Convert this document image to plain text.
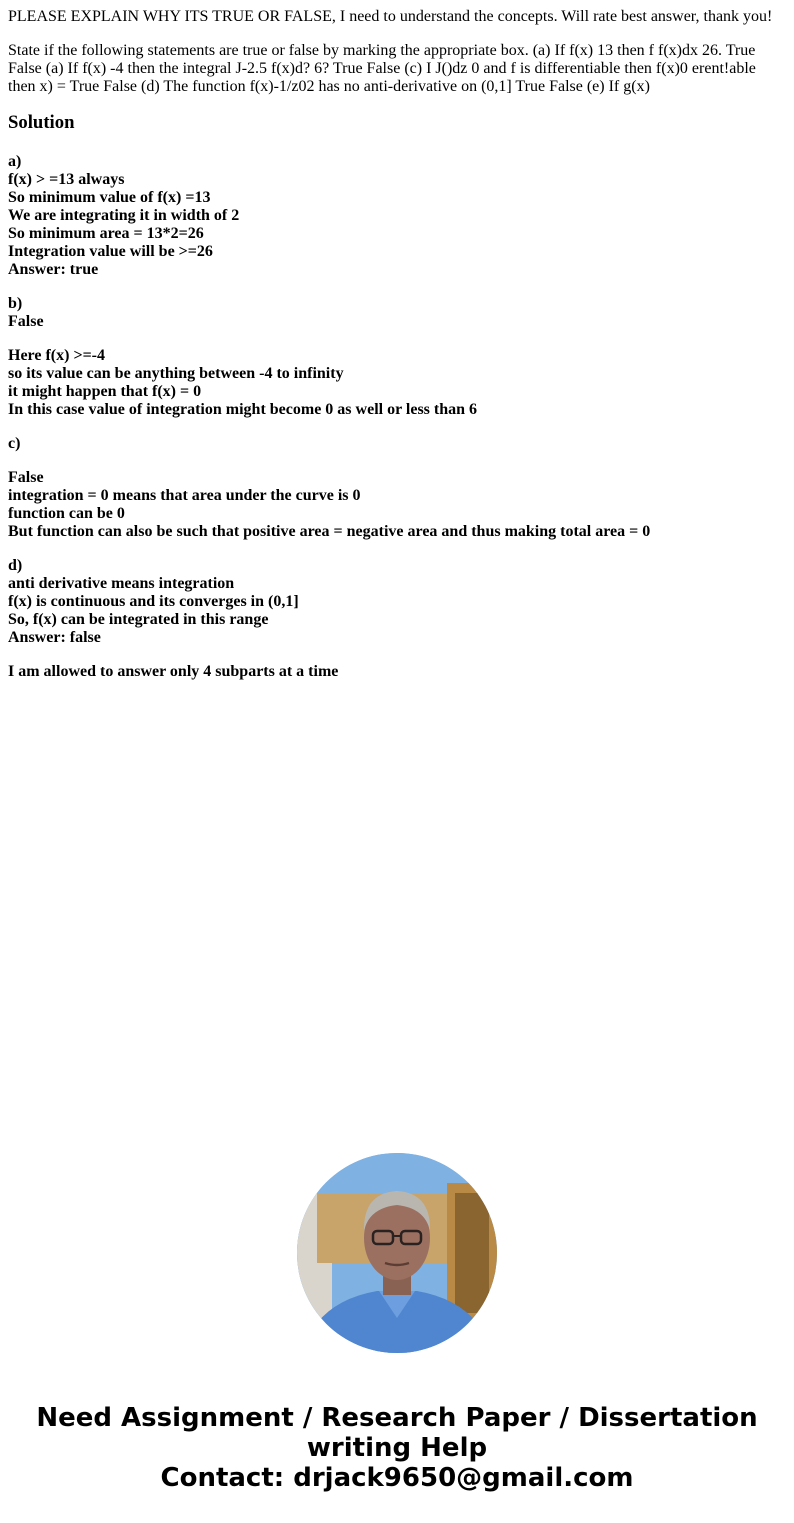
PLEASE EXPLAIN WHY ITS TRUE OR FALSE, I need to understand the concepts. Will rate best answer, thank you!

State if the following statements are true or false by marking the appropriate box. (a) If f(x) 13 then f f(x)dx 26. True False (a) If f(x) -4 then the integral J-2.5 f(x)d? 6? True False (c) I J()dz 0 and f is differentiable then f(x)0 erent!able then x) = True False (d) The function f(x)-1/z02 has no anti-derivative on (0,1] True False (e) If g(x)

Solution
a)
f(x) > =13 always
So minimum value of f(x) =13
We are integrating it in width of 2
So minimum area = 13*2=26
Integration value will be >=26
Answer: true
b)
False
Here f(x) >=-4
so its value can be anything between -4 to infinity
it might happen that f(x) = 0
In this case value of integration might become 0 as well or less than 6
c)
False
integration = 0 means that area under the curve is 0
function can be 0
But function can also be such that positive area = negative area and thus making total area = 0
d)
anti derivative means integration
f(x) is continuous and its converges in (0,1]
So, f(x) can be integrated in this range
Answer: false
I am allowed to answer only 4 subparts at a time
Need Assignment / Research Paper / Dissertation
writing Help
Contact: drjack9650@gmail.com
